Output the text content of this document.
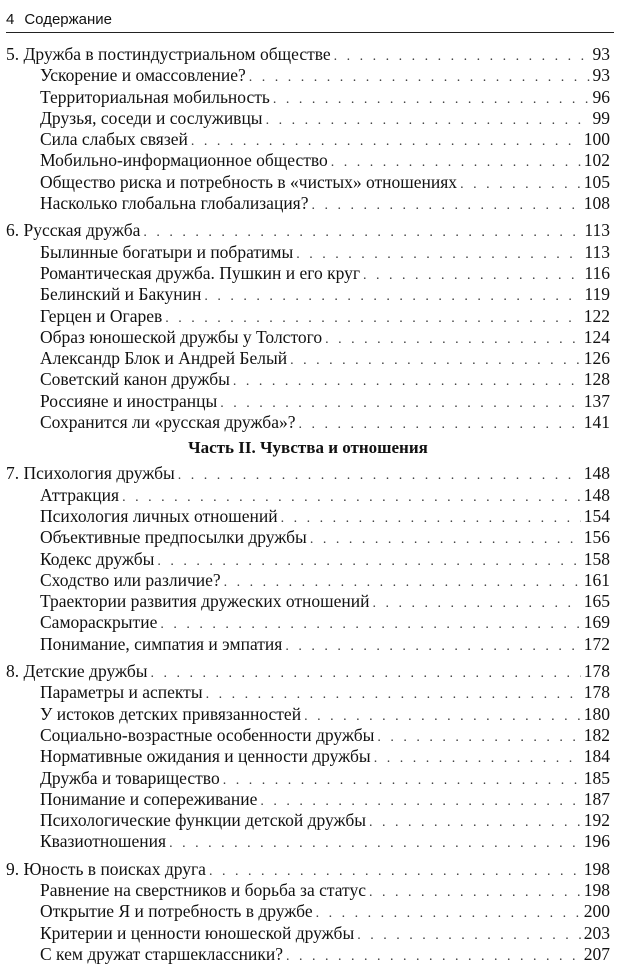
4 Содержание
5. Дружба в постиндустриальном обществе . . .	93
Ускорение и омассовление? . . .	93
Территориальная мобильность . . .	96
Друзья, соседи и сослуживцы . . .	99
Сила слабых связей . . .	100
Мобильно-информационное общество . . .	102
Общество риска и потребность в «чистых» отношениях . . .	105
Насколько глобальна глобализация? . . .	108
6. Русская дружба . . .	113
Былинные богатыри и побратимы . . .	113
Романтическая дружба. Пушкин и его круг . . .	116
Белинский и Бакунин . . .	119
Герцен и Огарев . . .	122
Образ юношеской дружбы у Толстого . . .	124
Александр Блок и Андрей Белый . . .	126
Советский канон дружбы . . .	128
Россияне и иностранцы . . .	137
Сохранится ли «русская дружба»? . . .	141
Часть II. Чувства и отношения
7. Психология дружбы . . .	148
Аттракция . . .	148
Психология личных отношений . . .	154
Объективные предпосылки дружбы . . .	156
Кодекс дружбы . . .	158
Сходство или различие? . . .	161
Траектории развития дружеских отношений . . .	165
Самораскрытие . . .	169
Понимание, симпатия и эмпатия . . .	172
8. Детские дружбы . . .	178
Параметры и аспекты . . .	178
У истоков детских привязанностей . . .	180
Социально-возрастные особенности дружбы . . .	182
Нормативные ожидания и ценности дружбы . . .	184
Дружба и товарищество . . .	185
Понимание и сопереживание . . .	187
Психологические функции детской дружбы . . .	192
Квазиотношения . . .	196
9. Юность в поисках друга . . .	198
Равнение на сверстников и борьба за статус . . .	198
Открытие Я и потребность в дружбе . . .	200
Критерии и ценности юношеской дружбы . . .	203
С кем дружат старшеклассники? . . .	207
